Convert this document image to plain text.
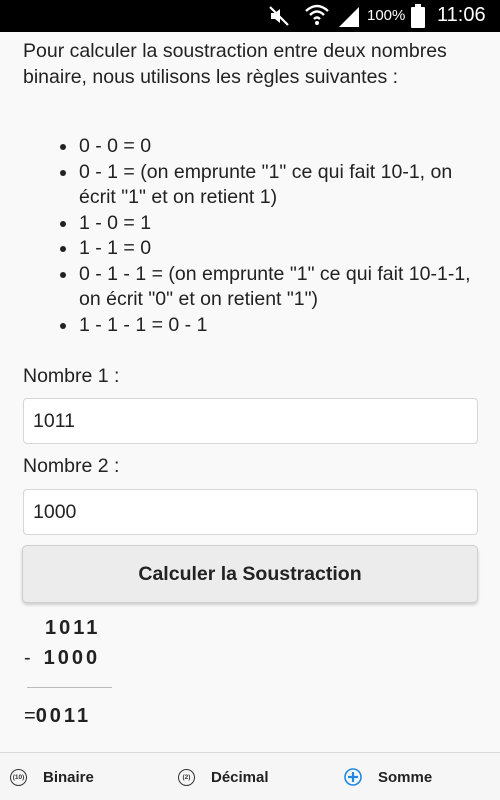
100% 11:06

Pour calculer la soustraction entre deux nombres binaire, nous utilisons les règles suivantes :

0 - 0 = 0
0 - 1 = (on emprunte "1" ce qui fait 10-1, on écrit "1" et on retient 1)
1 - 0 = 1
1 - 1 = 0
0 - 1 - 1 = (on emprunte "1" ce qui fait 10-1-1, on écrit "0" et on retient "1")
1 - 1 - 1 = 0 - 1
Nombre 1 :
1011
Nombre 2 :
1000
Calculer la Soustraction
1011
- 1000
=0011
(10) Binaire	(2)	Décimal	Somme
